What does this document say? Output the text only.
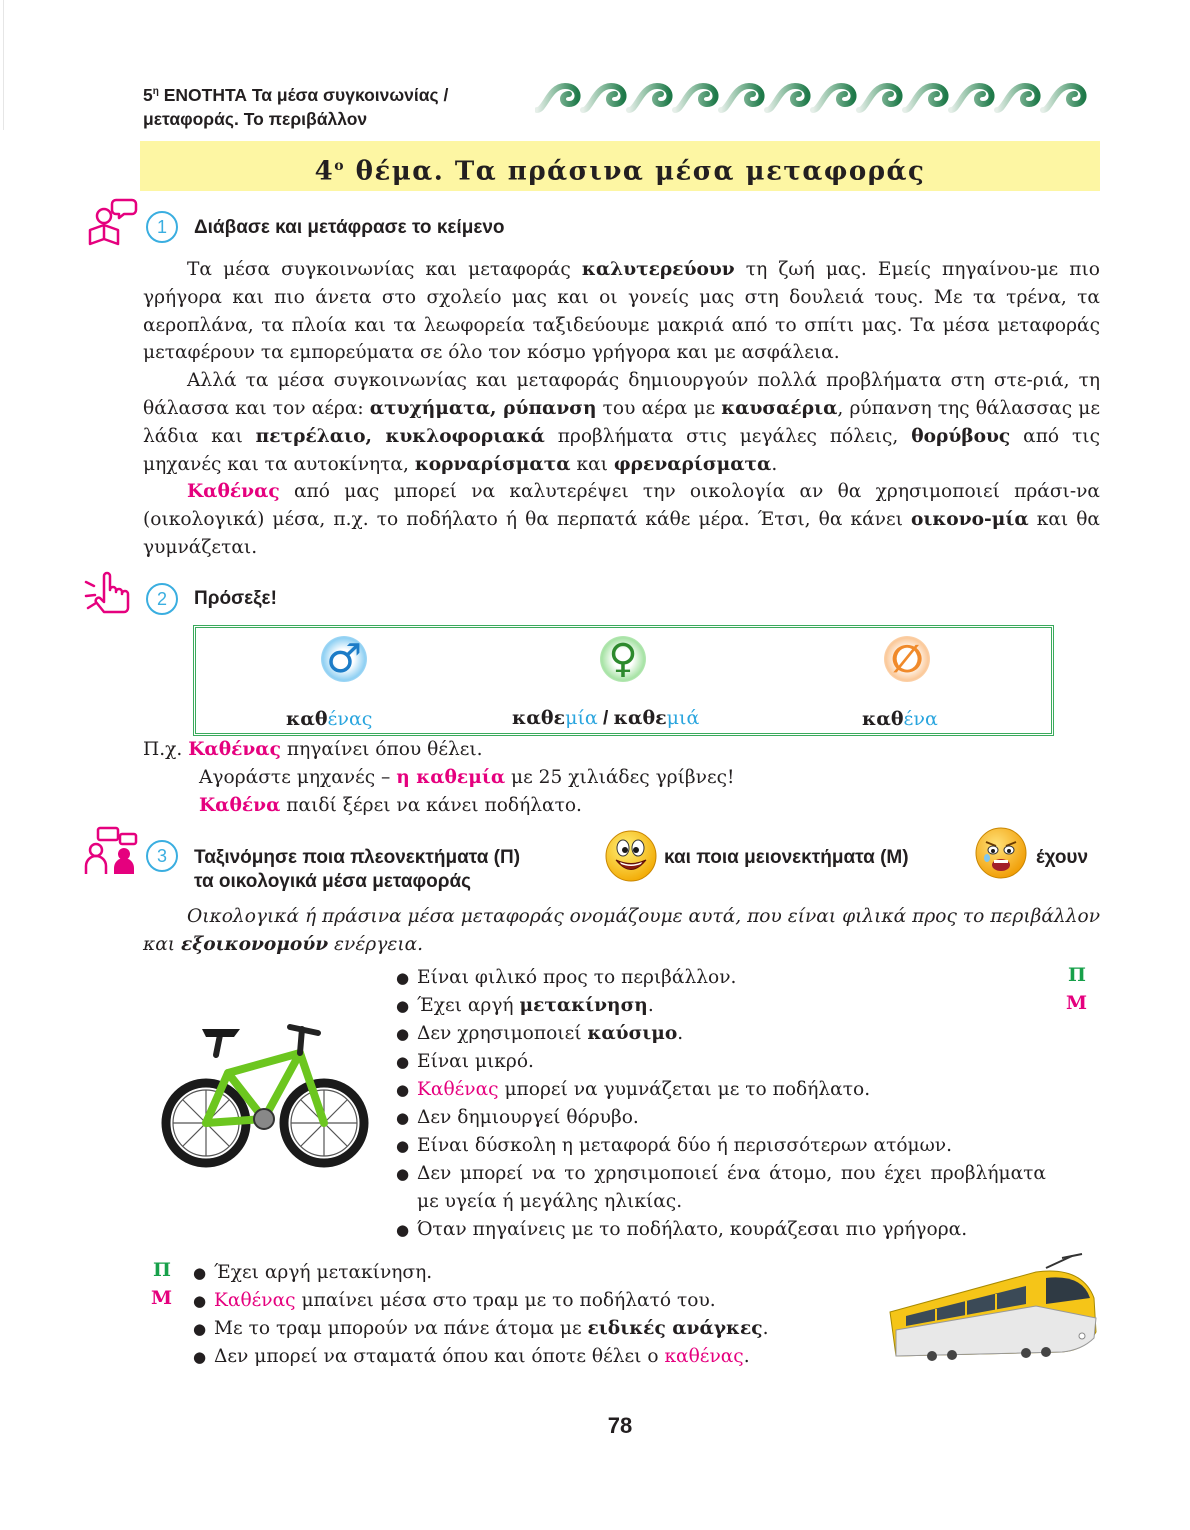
$5^\eta$ ΕΝΟΤΗΤΑ Τα μέσα συγκοινωνίας /
μεταφοράς. Το περιβάλλον
$4^o$ θέμα. Τα πράσινα μέσα μεταφοράς
1	Διάβασε και μετάφρασε το κείμενο

Τα μέσα συγκοινωνίας και μεταφοράς καλυτερεύουν τη ζωή μας. Εμείς πηγαίνου-με πιο γρήγορα και πιο άνετα στο σχολείο μας και οι γονείς μας στη δουλειά τους. Με τα τρένα, τα αεροπλάνα, τα πλοία και τα λεωφορεία ταξιδεύουμε μακριά από το σπίτι μας. Τα μέσα μεταφοράς μεταφέρουν τα εμπορεύματα σε όλο τον κόσμο γρήγορα και με ασφάλεια.

Αλλά τα μέσα συγκοινωνίας και μεταφοράς δημιουργούν πολλά προβλήματα στη στε-ριά, τη θάλασσα και τον αέρα: ατυχήματα, ρύπανση του αέρα με καυσαέρια, ρύπανση της θάλασσας με λάδια και πετρέλαιο, κυκλοφοριακά προβλήματα στις μεγάλες πόλεις, θορύβους από τις μηχανές και τα αυτοκίνητα, κορναρίσματα και φρεναρίσματα.

Καθένας από μας μπορεί να καλυτερέψει την οικολογία αν θα χρησιμοποιεί πράσι-να (οικολογικά) μέσα, π.χ. το ποδήλατο ή θα περπατά κάθε μέρα. Έτσι, θα κάνει οικονο-μία και θα γυμνάζεται.

2	Πρόσεξε!
♂	♀	∅
καθένας	καθεμία / καθεμιά	καθένα
Π.χ. Καθένας πηγαίνει όπου θέλει.
Αγοράστε μηχανές – η καθεμία με 25 χιλιάδες γρίβνες!
Καθένα παιδί ξέρει να κάνει ποδήλατο.
3	Ταξινόμησε ποια πλεονεκτήματα (Π)	και ποια μειονεκτήματα (Μ)	έχουν
τα οικολογικά μέσα μεταφοράς

Οικολογικά ή πράσινα μέσα μεταφοράς ονομάζουμε αυτά, που είναι φιλικά προς το περιβάλλον και εξοικονομούν ενέργεια.

● Είναι φιλικό προς το περιβάλλον.
● Έχει αργή μετακίνηση.
● Δεν χρησιμοποιεί καύσιμο.
● Είναι μικρό.
● Καθένας μπορεί να γυμνάζεται με το ποδήλατο.
● Δεν δημιουργεί θόρυβο.
● Είναι δύσκολη η μεταφορά δύο ή περισσότερων ατόμων.
● Δεν μπορεί να το χρησιμοποιεί ένα άτομο, που έχει προβλήματα με υγεία ή μεγάλης ηλικίας.
● Όταν πηγαίνεις με το ποδήλατο, κουράζεσαι πιο γρήγορα.
Π
Μ
Π
Μ
● Έχει αργή μετακίνηση.
● Καθένας μπαίνει μέσα στο τραμ με το ποδήλατό του.
● Με το τραμ μπορούν να πάνε άτομα με ειδικές ανάγκες.
● Δεν μπορεί να σταματά όπου και όποτε θέλει ο καθένας.
78
